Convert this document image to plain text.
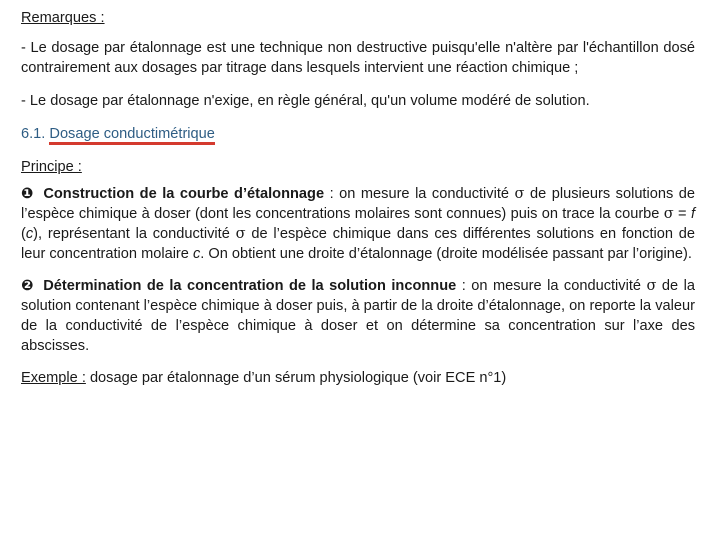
Remarques :

- Le dosage par étalonnage est une technique non destructive puisqu'elle n'altère par l'échantillon dosé contrairement aux dosages par titrage dans lesquels intervient une réaction chimique ;

- Le dosage par étalonnage n'exige, en règle général, qu'un volume modéré de solution.

6.1. Dosage conductimétrique

Principe :

❶ Construction de la courbe d’étalonnage : on mesure la conductivité σ de plusieurs solutions de l’espèce chimique à doser (dont les concentrations molaires sont connues) puis on trace la courbe σ = f (c), représentant la conductivité σ de l’espèce chimique dans ces différentes solutions en fonction de leur concentration molaire c. On obtient une droite d’étalonnage (droite modélisée passant par l’origine).

❷ Détermination de la concentration de la solution inconnue : on mesure la conductivité σ de la solution contenant l’espèce chimique à doser puis, à partir de la droite d’étalonnage, on reporte la valeur de la conductivité de l’espèce chimique à doser et on détermine sa concentration sur l’axe des abscisses.

Exemple : dosage par étalonnage d’un sérum physiologique (voir ECE n°1)
